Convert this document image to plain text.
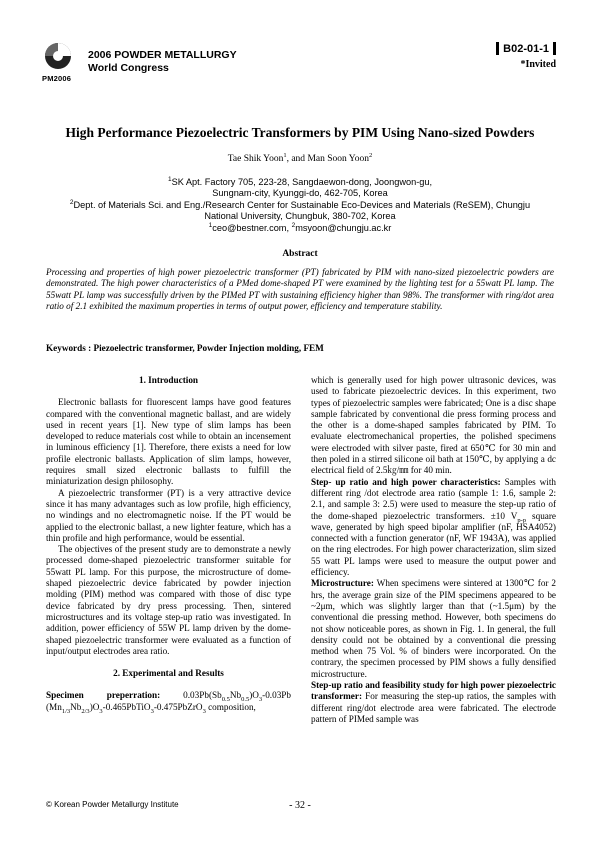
PM2006
2006 POWDER METALLURGY
World Congress
B02-01-1
*Invited
High Performance Piezoelectric Transformers by PIM Using Nano-sized Powders
Tae Shik Yoon$^1$, and Man Soon Yoon$^2$
$^1$SK Apt. Factory 705, 223-28, Sangdaewon-dong, Joongwon-gu,
Sungnam-city, Kyunggi-do, 462-705, Korea
$^2$Dept. of Materials Sci. and Eng./Research Center for Sustainable Eco-Devices and Materials (ReSEM), Chungju
National University, Chungbuk, 380-702, Korea
$^1$ceo@bestner.com, $^2$msyoon@chungju.ac.kr
Abstract
Processing and properties of high power piezoelectric transformer (PT) fabricated by PIM with nano-sized piezoelectric powders are demonstrated. The high power characteristics of a PMed dome-shaped PT were examined by the lighting test for a 55watt PL lamp. The 55watt PL lamp was successfully driven by the PIMed PT with sustaining efficiency higher than 98%. The transformer with ring/dot area ratio of 2.1 exhibited the maximum properties in terms of output power, efficiency and temperature stability.
Keywords : Piezoelectric transformer, Powder Injection molding, FEM

1. Introduction

Electronic ballasts for fluorescent lamps have good features compared with the conventional magnetic ballast, and are widely used in recent years [1]. New type of slim lamps has been developed to reduce materials cost while to obtain an incensement in luminous efficiency [1]. Therefore, there exists a need for low profile electronic ballasts. Application of slim lamps, however, requires small sized electronic ballasts to fulfill the miniaturization design philosophy.

A piezoelectric transformer (PT) is a very attractive device since it has many advantages such as low profile, high efficiency, no windings and no electromagnetic noise. If the PT would be applied to the electronic ballast, a new lighter feature, which has a thin profile and high performance, would be essential.

The objectives of the present study are to demonstrate a newly processed dome-shaped piezoelectric transformer suitable for 55watt PL lamp. For this purpose, the microstructure of dome-shaped piezoelectric device fabricated by powder injection molding (PIM) method was compared with those of disc type device fabricated by dry press processing. Then, sintered microstructures and its voltage step-up ratio was investigated. In addition, power efficiency of 55W PL lamp driven by the dome-shaped piezoelectric transformer were evaluated as a function of input/output electrodes area ratio.

2. Experimental and Results

Specimen preperration: $0.03Pb(Sb_{0.5}Nb_{0.5})O_3-0.03Pb$ $(Mn_{1/3}Nb_{2/3})O_3-0.465PbTiO_3-0.475PbZrO_3$ composition,

which is generally used for high power ultrasonic devices, was used to fabricate piezoelectric devices. In this experiment, two types of piezoelectric samples were fabricated; One is a disc shape sample fabricated by conventional die press forming process and the other is a dome-shaped samples fabricated by PIM. To evaluate electromechanical properties, the polished specimens were electroded with silver paste, fired at 650℃ for 30 min and then poled in a stirred silicone oil bath at 150℃, by applying a dc electrical field of 2.5㎏/㎜ for 40 min.

Step- up ratio and high power characteristics: Samples with different ring /dot electrode area ratio (sample 1: 1.6, sample 2: 2.1, and sample 3: 2.5) were used to measure the step-up ratio of the dome-shaped piezoelectric transformers. ±10 $V_{p-p}$ square wave, generated by high speed bipolar amplifier (nF, HSA4052) connected with a function generator (nF, WF 1943A), was applied on the ring electrodes. For high power characterization, slim sized 55 watt PL lamps were used to measure the output power and efficiency.

Microstructure: When specimens were sintered at 1300℃ for 2 hrs, the average grain size of the PIM specimens appeared to be ~2μm, which was slightly larger than that (~1.5μm) by the conventional die pressing method. However, both specimens do not show noticeable pores, as shown in Fig. 1. In general, the full density could not be obtained by a conventional die pressing method when 75 Vol. % of binders were incorporated. On the contrary, the specimen processed by PIM shows a fully densified microstructure.

Step-up ratio and feasibility study for high power piezoelectric transformer: For measuring the step-up ratios, the samples with different ring/dot electrode area were fabricated. The electrode pattern of PIMed sample was

© Korean Powder Metallurgy Institute	- 32 -
